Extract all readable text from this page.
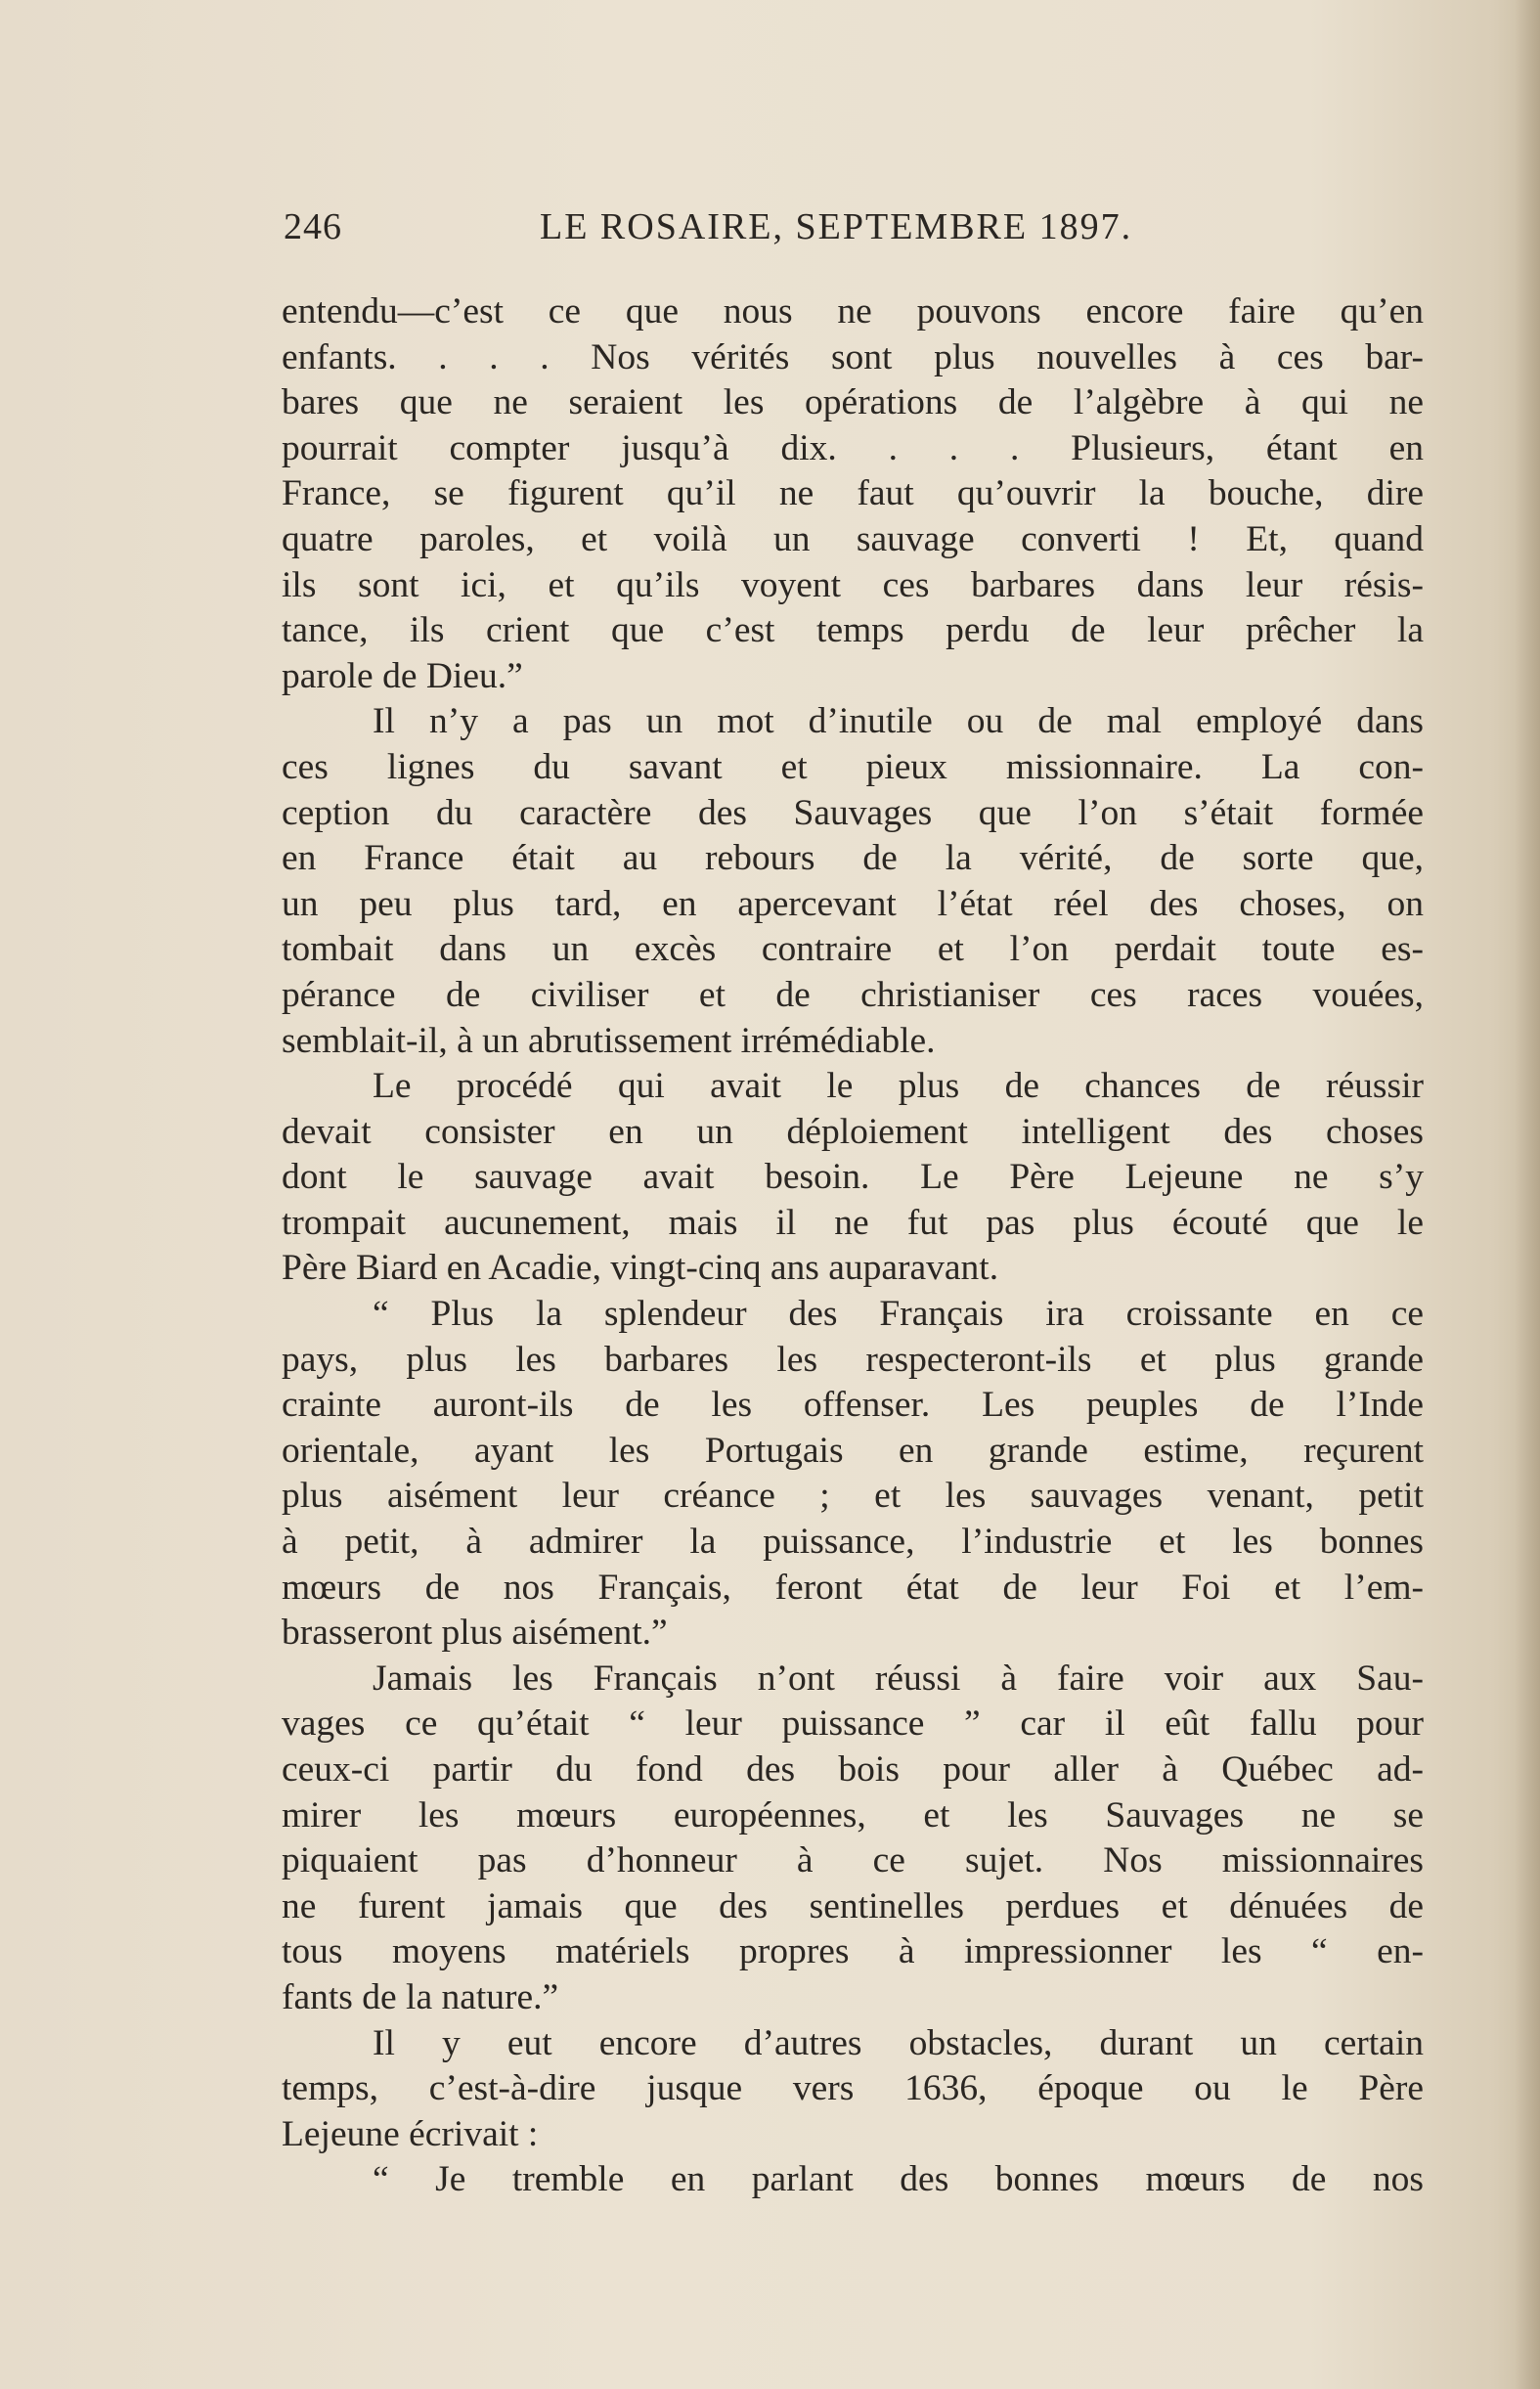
246	LE ROSAIRE, SEPTEMBRE 1897.
entendu—c’est ce que nous ne pouvons encore faire qu’en
enfants. . . . Nos vérités sont plus nouvelles à ces bar-
bares que ne seraient les opérations de l’algèbre à qui ne
pourrait compter jusqu’à dix. . . . Plusieurs, étant en
France, se figurent qu’il ne faut qu’ouvrir la bouche, dire
quatre paroles, et voilà un sauvage converti ! Et, quand
ils sont ici, et qu’ils voyent ces barbares dans leur résis-
tance, ils crient que c’est temps perdu de leur prêcher la
parole de Dieu.”
Il n’y a pas un mot d’inutile ou de mal employé dans
ces lignes du savant et pieux missionnaire. La con-
ception du caractère des Sauvages que l’on s’était formée
en France était au rebours de la vérité, de sorte que,
un peu plus tard, en apercevant l’état réel des choses, on
tombait dans un excès contraire et l’on perdait toute es-
pérance de civiliser et de christianiser ces races vouées,
semblait-il, à un abrutissement irrémédiable.
Le procédé qui avait le plus de chances de réussir
devait consister en un déploiement intelligent des choses
dont le sauvage avait besoin. Le Père Lejeune ne s’y
trompait aucunement, mais il ne fut pas plus écouté que le
Père Biard en Acadie, vingt-cinq ans auparavant.
“ Plus la splendeur des Français ira croissante en ce
pays, plus les barbares les respecteront-ils et plus grande
crainte auront-ils de les offenser. Les peuples de l’Inde
orientale, ayant les Portugais en grande estime, reçurent
plus aisément leur créance ; et les sauvages venant, petit
à petit, à admirer la puissance, l’industrie et les bonnes
mœurs de nos Français, feront état de leur Foi et l’em-
brasseront plus aisément.”
Jamais les Français n’ont réussi à faire voir aux Sau-
vages ce qu’était “ leur puissance ” car il eût fallu pour
ceux-ci partir du fond des bois pour aller à Québec ad-
mirer les mœurs européennes, et les Sauvages ne se
piquaient pas d’honneur à ce sujet. Nos missionnaires
ne furent jamais que des sentinelles perdues et dénuées de
tous moyens matériels propres à impressionner les “ en-
fants de la nature.”
Il y eut encore d’autres obstacles, durant un certain
temps, c’est-à-dire jusque vers 1636, époque ou le Père
Lejeune écrivait :
“ Je tremble en parlant des bonnes mœurs de nos
